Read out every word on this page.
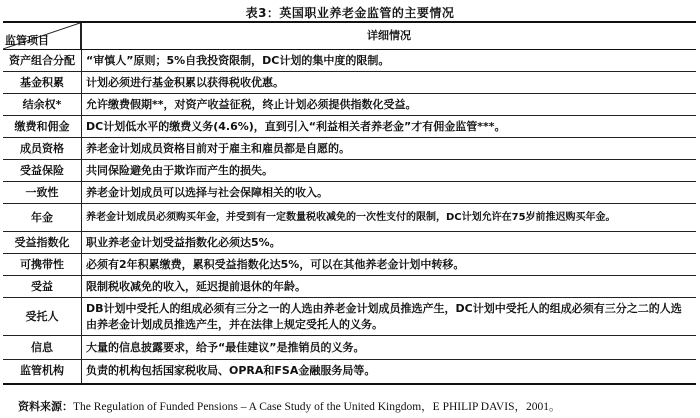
表3：英国职业养老金监管的主要情况
监管项目	详细情况
资产组合分配	“审慎人”原则；5%自我投资限制，DC计划的集中度的限制。
基金积累	计划必须进行基金积累以获得税收优惠。
结余权*	允许缴费假期**，对资产收益征税，终止计划必须提供指数化受益。
缴费和佣金	DC计划低水平的缴费义务(4.6%)，直到引入“利益相关者养老金”才有佣金监管***。
成员资格	养老金计划成员资格目前对于雇主和雇员都是自愿的。
受益保险	共同保险避免由于欺诈而产生的损失。
一致性	养老金计划成员可以选择与社会保障相关的收入。
年金	养老金计划成员必须购买年金，并受到有一定数量税收减免的一次性支付的限制，DC计划允许在75岁前推迟购买年金。
受益指数化	职业养老金计划受益指数化必须达5%。
可携带性	必须有2年积累缴费，累积受益指数化达5%，可以在其他养老金计划中转移。
受益	限制税收减免的收入，延迟提前退休的年龄。
受托人	DB计划中受托人的组成必须有三分之一的人选由养老金计划成员推选产生，DC计划中受托人的组成必须有三分之二的人选由养老金计划成员推选产生，并在法律上规定受托人的义务。
信息	大量的信息披露要求，给予“最佳建议”是推销员的义务。
监管机构	负责的机构包括国家税收局、OPRA和FSA金融服务局等。
资料来源：The Regulation of Funded Pensions – A Case Study of the United Kingdom，E PHILIP DAVIS，2001。
